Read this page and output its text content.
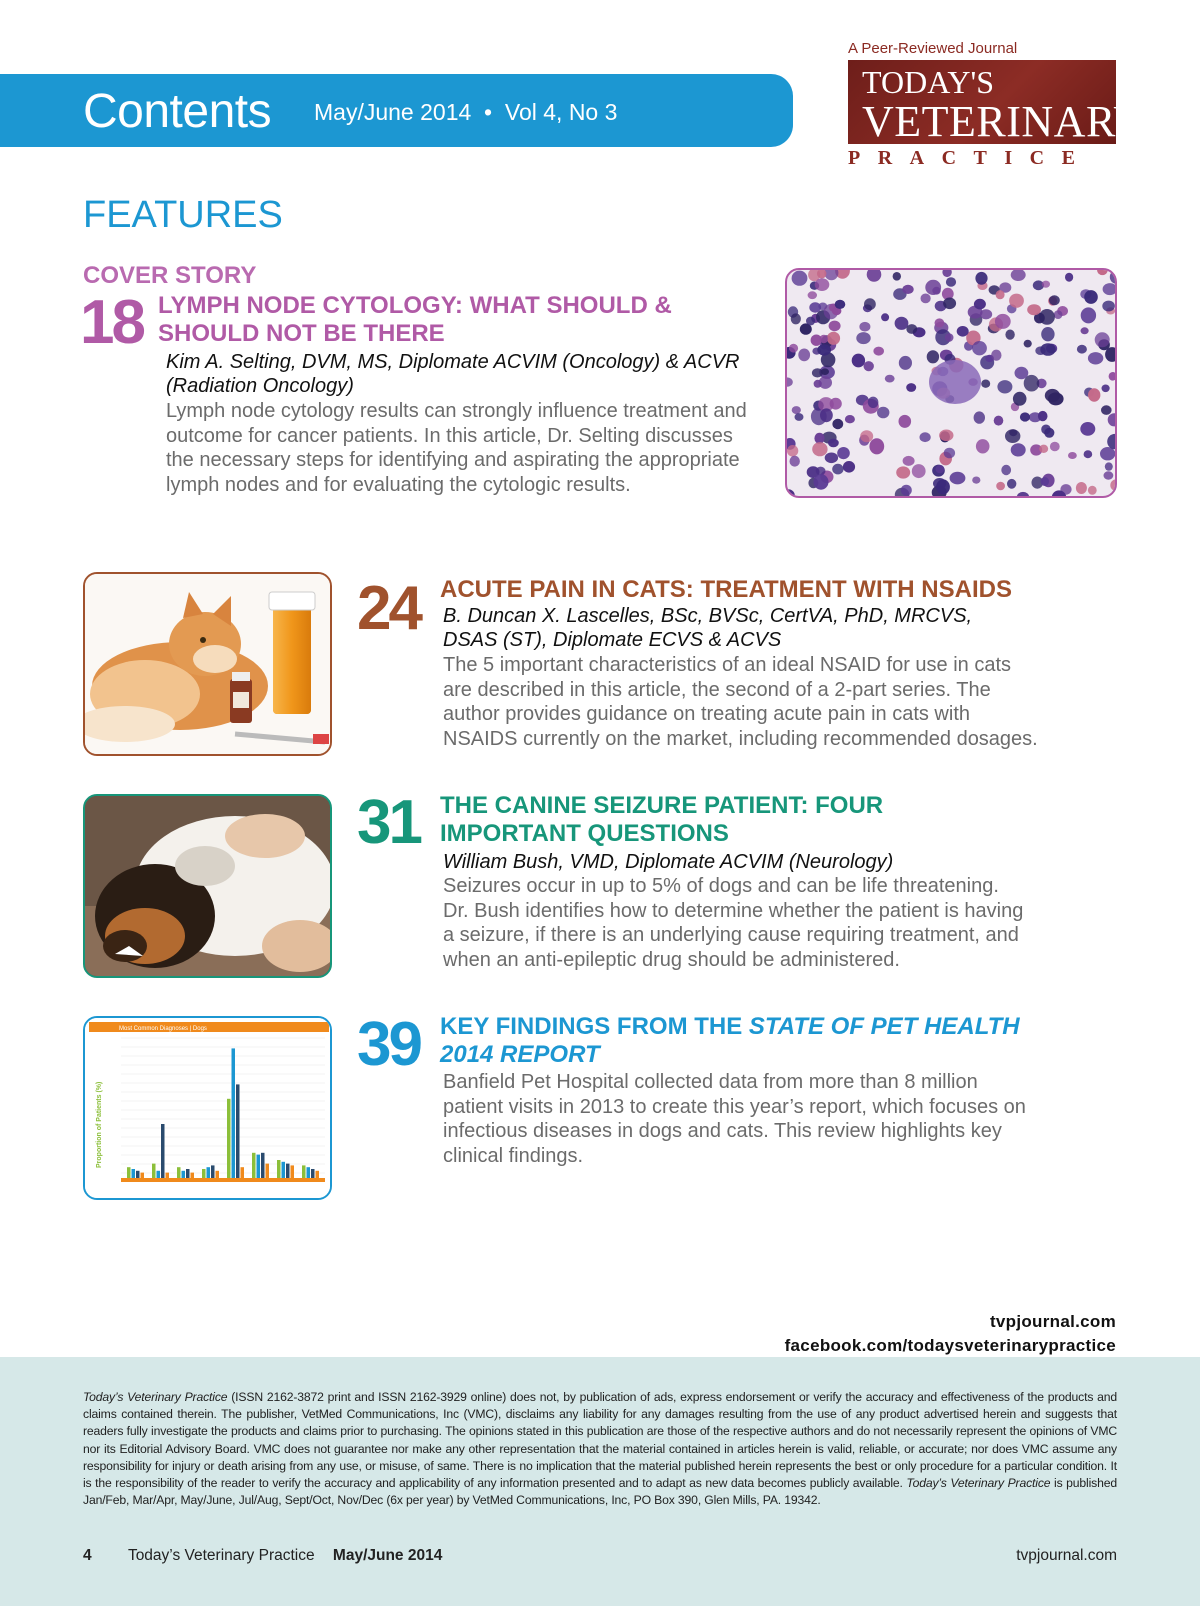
Contents May/June 2014  •  Vol 4, No 3
A Peer-Reviewed Journal
TODAY'S
VETERINARY
PRACTICE
FEATURES
COVER STORY
18 LYMPH NODE CYTOLOGY: WHAT SHOULD &
SHOULD NOT BE THERE
Kim A. Selting, DVM, MS, Diplomate ACVIM (Oncology) & ACVR
(Radiation Oncology)
Lymph node cytology results can strongly influence treatment and
outcome for cancer patients. In this article, Dr. Selting discusses
the necessary steps for identifying and aspirating the appropriate
lymph nodes and for evaluating the cytologic results.
24 ACUTE PAIN IN CATS: TREATMENT WITH NSAIDS
B. Duncan X. Lascelles, BSc, BVSc, CertVA, PhD, MRCVS,
DSAS (ST), Diplomate ECVS & ACVS
The 5 important characteristics of an ideal NSAID for use in cats
are described in this article, the second of a 2-part series. The
author provides guidance on treating acute pain in cats with
NSAIDS currently on the market, including recommended dosages.
31 THE CANINE SEIZURE PATIENT: FOUR
IMPORTANT QUESTIONS
William Bush, VMD, Diplomate ACVIM (Neurology)
Seizures occur in up to 5% of dogs and can be life threatening.
Dr. Bush identifies how to determine whether the patient is having
a seizure, if there is an underlying cause requiring treatment, and
when an anti-epileptic drug should be administered.
Most Common Diagnoses | Dogs
Proportion of Patients (%)
39 KEY FINDINGS FROM THE STATE OF PET HEALTH
2014 REPORT
Banfield Pet Hospital collected data from more than 8 million
patient visits in 2013 to create this year’s report, which focuses on
infectious diseases in dogs and cats. This review highlights key
clinical findings.
tvpjournal.com
facebook.com/todaysveterinarypractice
Today’s Veterinary Practice (ISSN 2162-3872 print and ISSN 2162-3929 online) does not, by publication of ads, express endorsement or verify the accuracy and effectiveness of the products and claims contained therein. The publisher, VetMed Communications, Inc (VMC), disclaims any liability for any damages resulting from the use of any product advertised herein and suggests that readers fully investigate the products and claims prior to purchasing. The opinions stated in this publication are those of the respective authors and do not necessarily represent the opinions of VMC nor its Editorial Advisory Board. VMC does not guarantee nor make any other representation that the material contained in articles herein is valid, reliable, or accurate; nor does VMC assume any responsibility for injury or death arising from any use, or misuse, of same. There is no implication that the material published herein represents the best or only procedure for a particular condition. It is the responsibility of the reader to verify the accuracy and applicability of any information presented and to adapt as new data becomes publicly available. Today’s Veterinary Practice is published Jan/Feb, Mar/Apr, May/June, Jul/Aug, Sept/Oct, Nov/Dec (6x per year) by VetMed Communications, Inc, PO Box 390, Glen Mills, PA. 19342.
4 Today’s Veterinary Practice May/June 2014	tvpjournal.com
